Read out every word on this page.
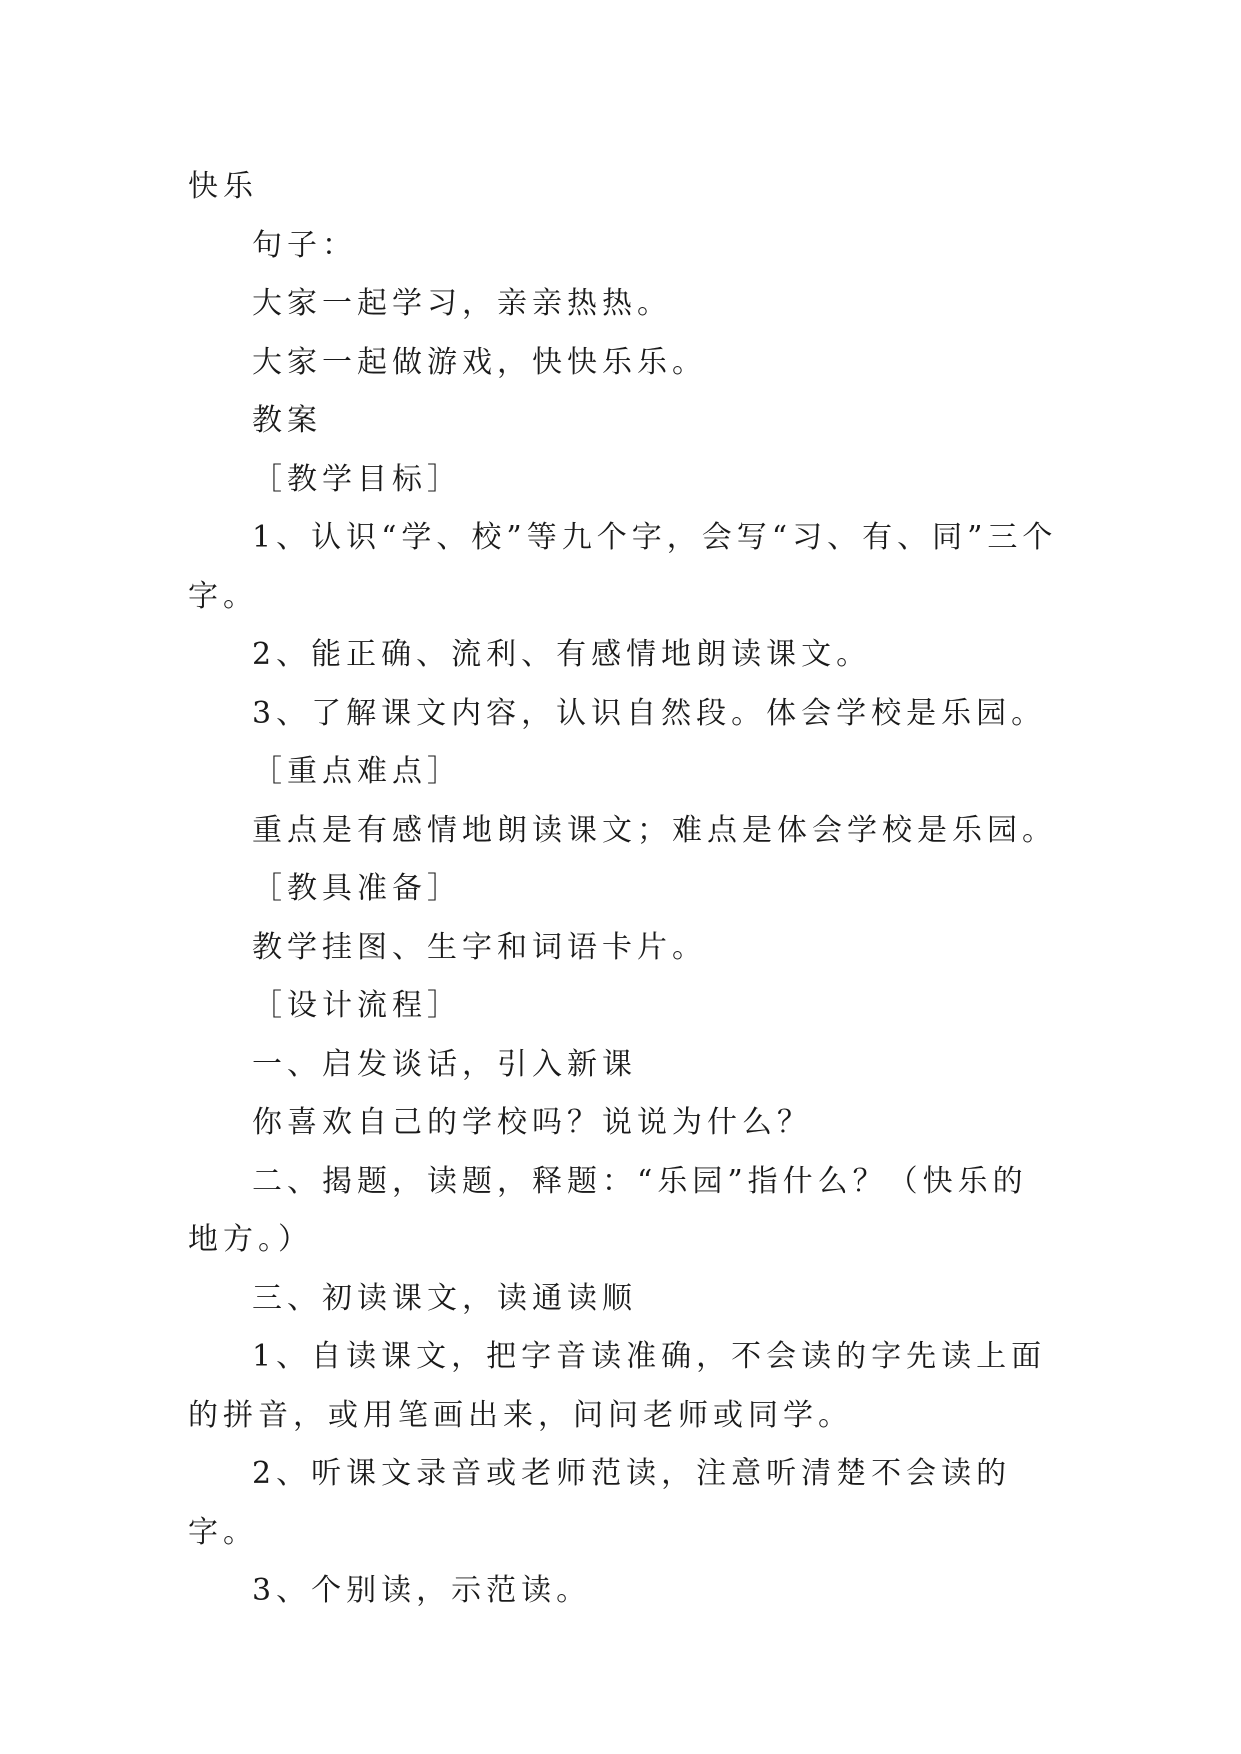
快乐

句子：

大家一起学习，亲亲热热。

大家一起做游戏，快快乐乐。

教案

［教学目标］

1、认识“学、校”等九个字，会写“习、有、同”三个字。

2、能正确、流利、有感情地朗读课文。

3、了解课文内容，认识自然段。体会学校是乐园。

［重点难点］

重点是有感情地朗读课文；难点是体会学校是乐园。

［教具准备］

教学挂图、生字和词语卡片。

［设计流程］

一、启发谈话，引入新课

你喜欢自己的学校吗？说说为什么？

二、揭题，读题，释题：“乐园”指什么？（快乐的地方。）

三、初读课文，读通读顺

1、自读课文，把字音读准确，不会读的字先读上面的拼音，或用笔画出来，问问老师或同学。

2、听课文录音或老师范读，注意听清楚不会读的字。

3、个别读，示范读。
